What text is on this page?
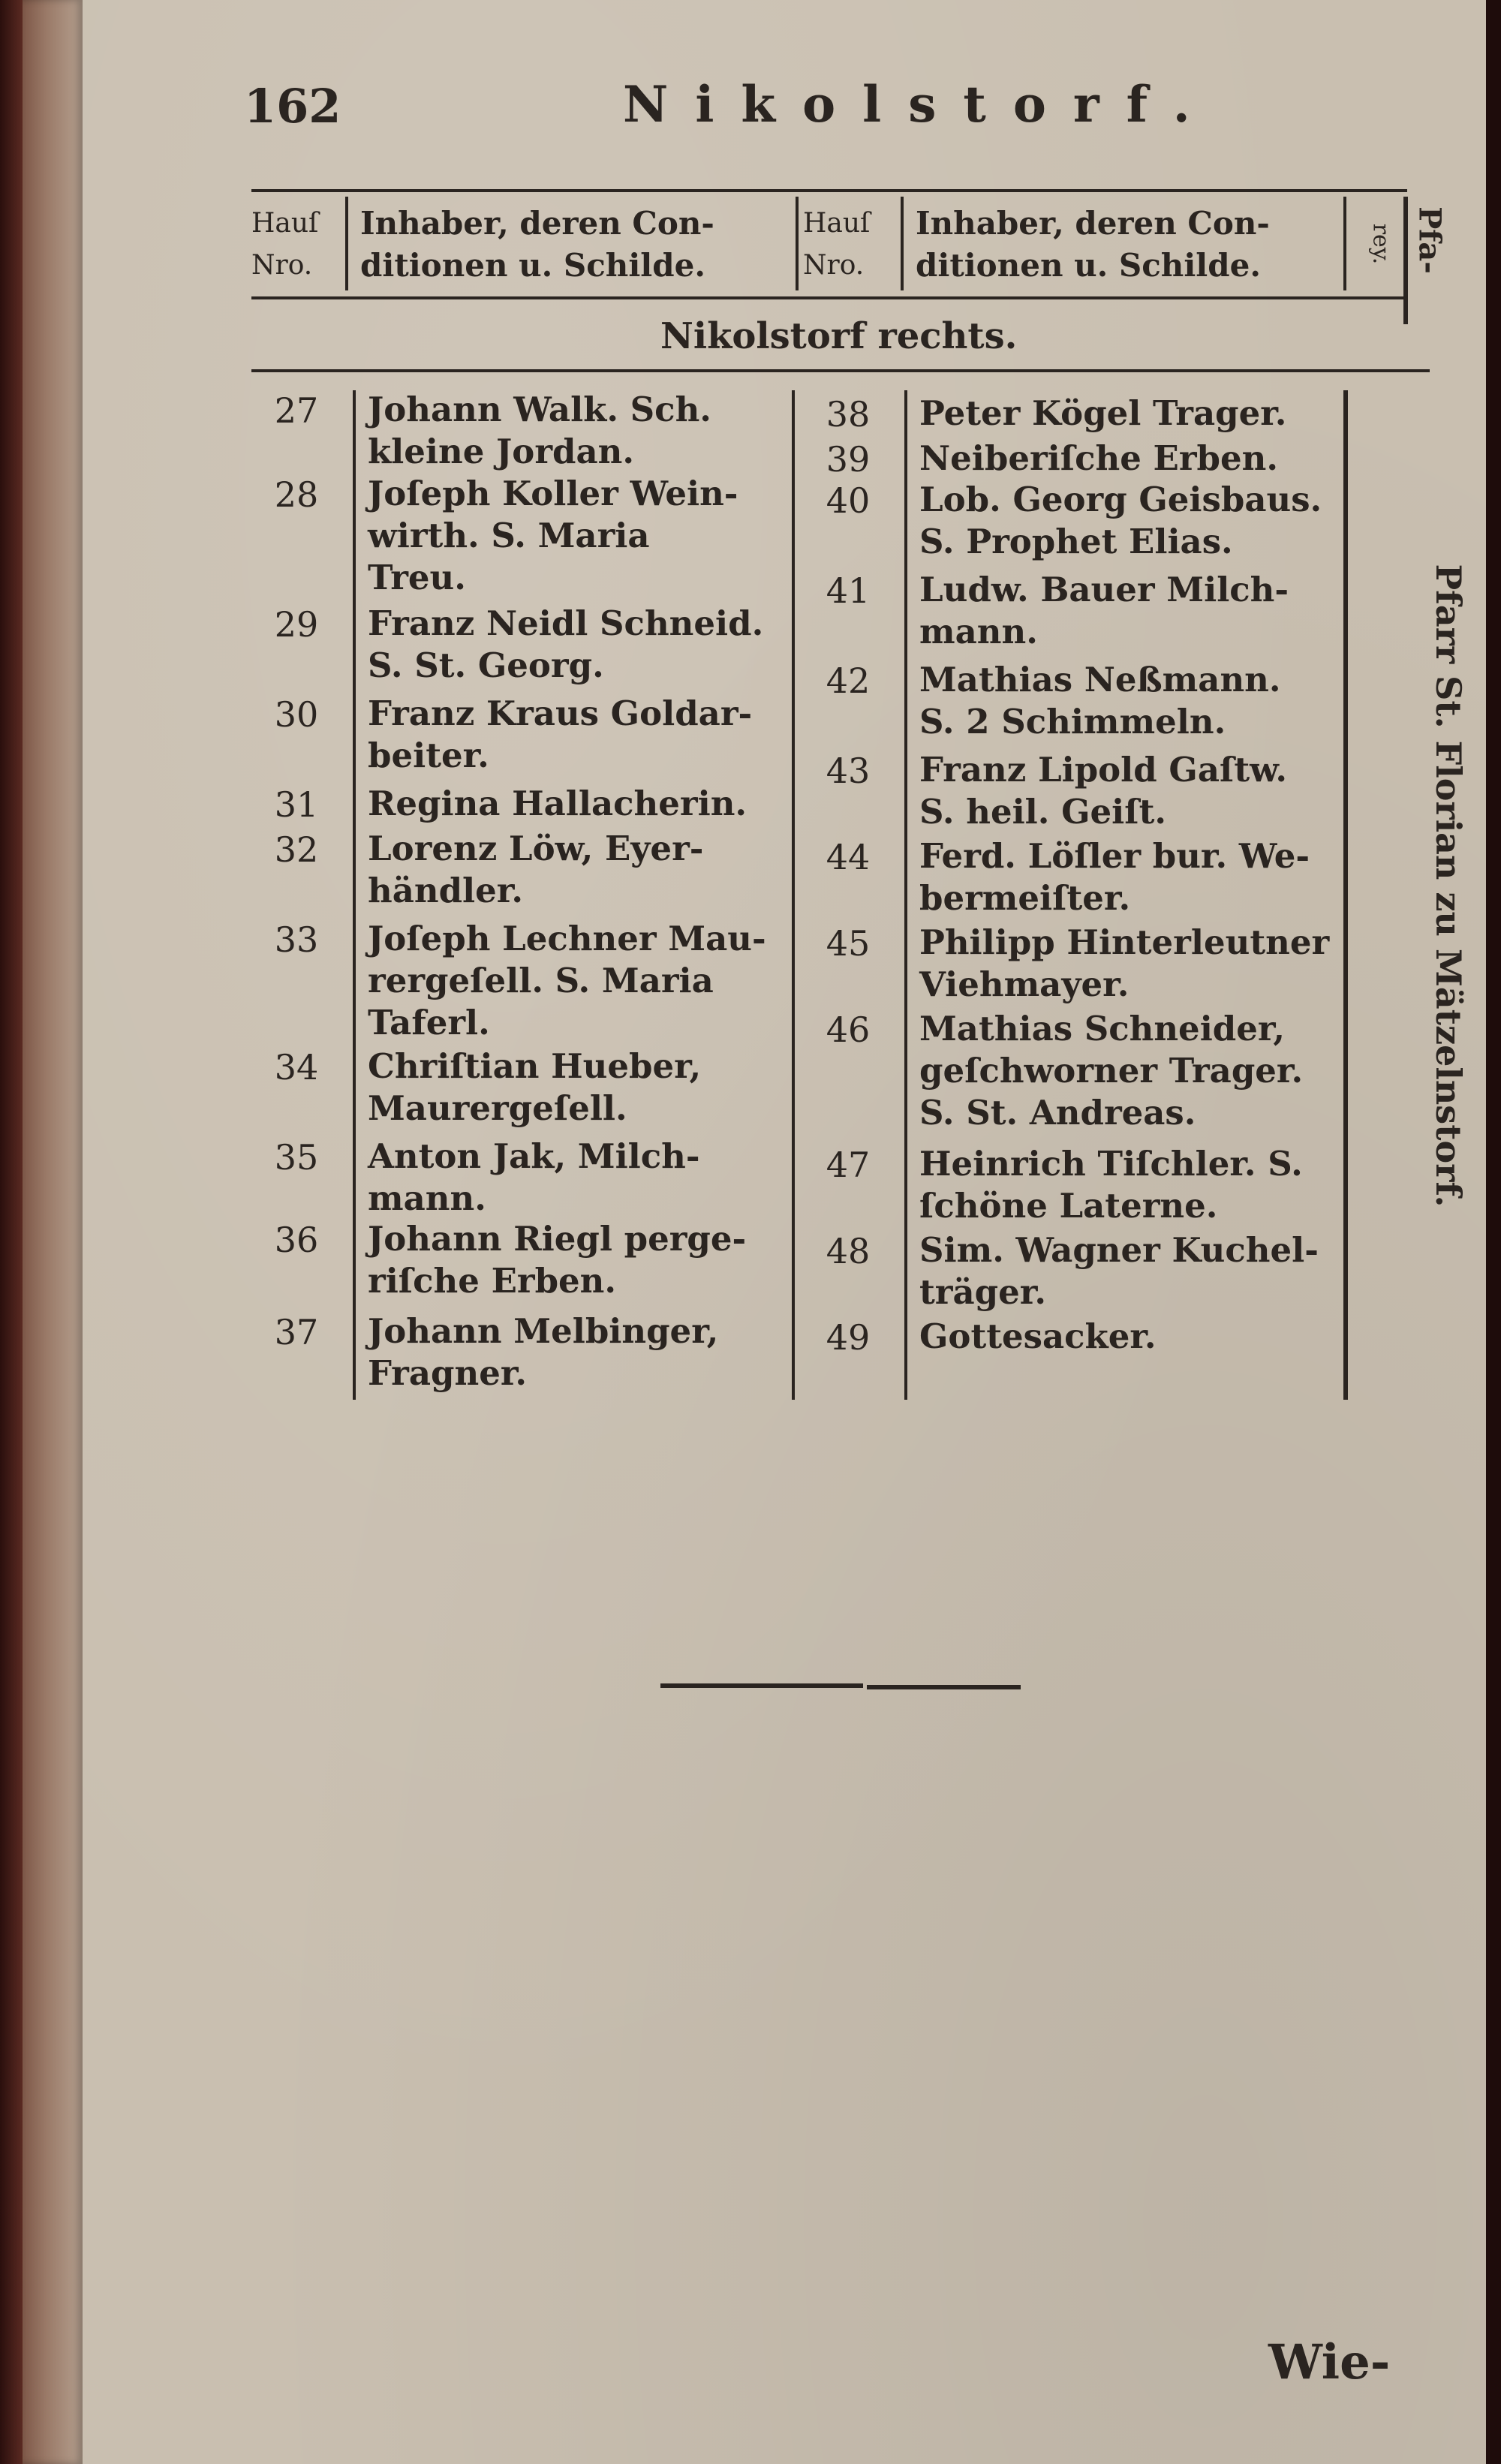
162	Nikolstorf.
Hauſ
Nro.
Inhaber, deren Con-
ditionen u. Schilde.
Hauſ
Nro.
Inhaber, deren Con-
ditionen u. Schilde.
rey. Pfa-
Nikolstorf rechts.
27	Johann Walk. Sch.
kleine Jordan.
28	Joſeph Koller Wein-
wirth. S. Maria
Treu.
29	Franz Neidl Schneid.
S. St. Georg.
30	Franz Kraus Goldar-
beiter.
31	Regina Hallacherin.
32	Lorenz Löw, Eyer-
händler.
33	Joſeph Lechner Mau-
rergeſell. S. Maria
Taferl.
34	Chriſtian Hueber,
Maurergeſell.
35	Anton Jak, Milch-
mann.
36	Johann Riegl perge-
riſche Erben.
37	Johann Melbinger,
Fragner.
38	Peter Kögel Trager.
39	Neiberiſche Erben.
40	Lob. Georg Geisbaus.
S. Prophet Elias.
41	Ludw. Bauer Milch-
mann.
42	Mathias Neßmann.
S. 2 Schimmeln.
43	Franz Lipold Gaſtw.
S. heil. Geiſt.
44	Ferd. Löſler bur. We-
bermeiſter.
45	Philipp Hinterleutner
Viehmayer.
46	Mathias Schneider,
geſchworner Trager.
S. St. Andreas.
47	Heinrich Tiſchler. S.
ſchöne Laterne.
48	Sim. Wagner Kuchel-
träger.
49	Gottesacker.
Pfarr St. Florian zu Mätzelnstorf.
Wie-
